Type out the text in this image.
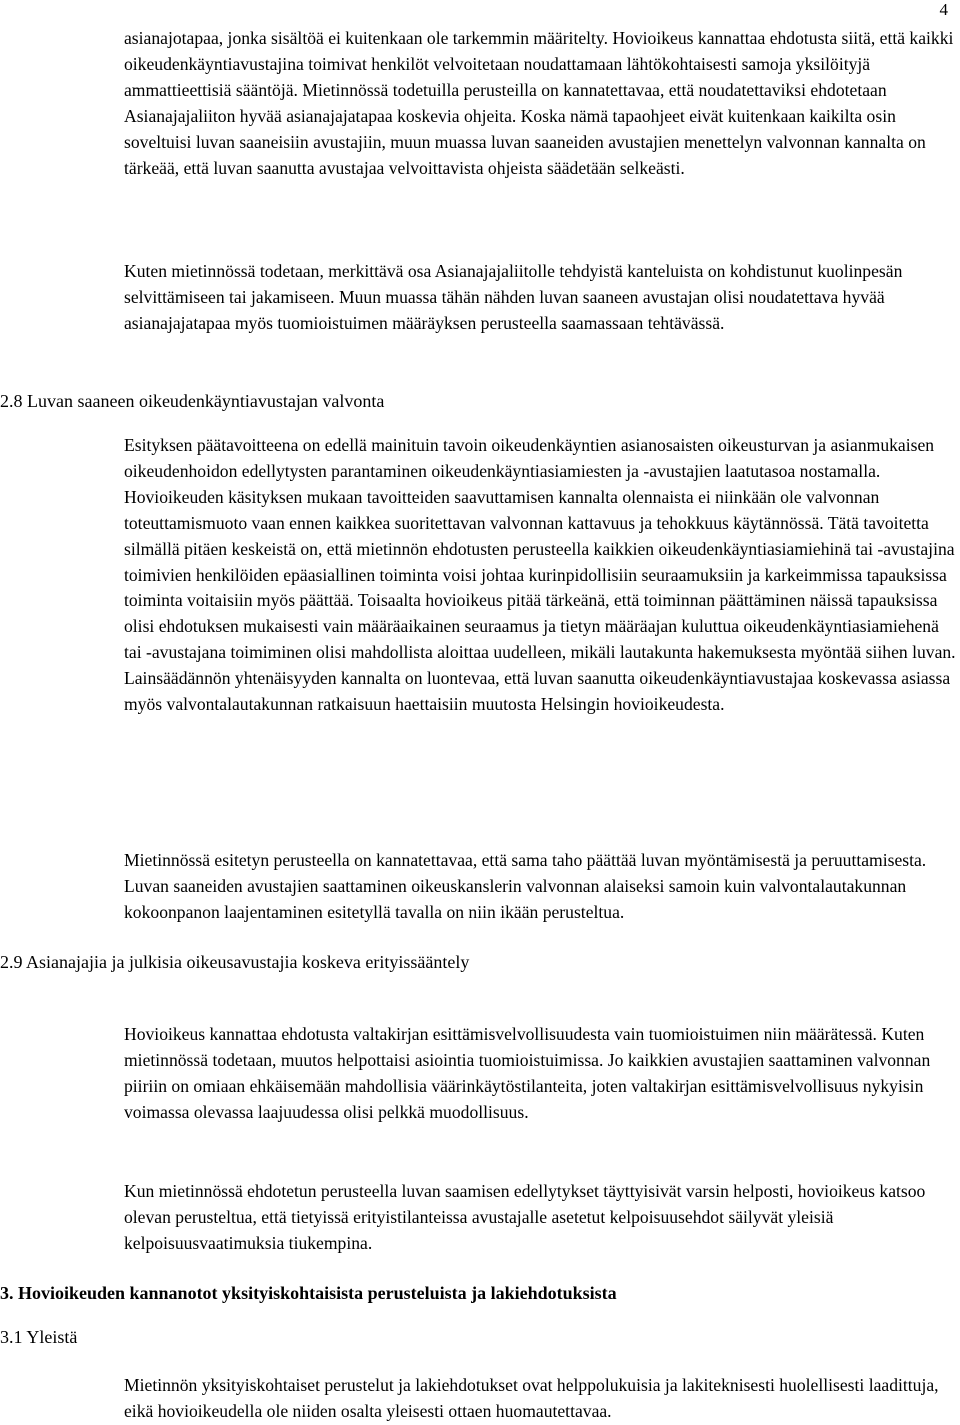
4

asianajotapaa, jonka sisältöä ei kuitenkaan ole tarkemmin määritelty. Hovioikeus kannattaa ehdotusta siitä, että kaikki oikeudenkäyntiavustajina toimivat henkilöt velvoitetaan noudattamaan lähtökohtaisesti samoja yksilöityjä ammattieettisiä sääntöjä. Mietinnössä todetuilla perusteilla on kannatettavaa, että noudatettaviksi ehdotetaan Asianajajaliiton hyvää asianajajatapaa koskevia ohjeita. Koska nämä tapaohjeet eivät kuitenkaan kaikilta osin soveltuisi luvan saaneisiin avustajiin, muun muassa luvan saaneiden avustajien menettelyn valvonnan kannalta on tärkeää, että luvan saanutta avustajaa velvoittavista ohjeista säädetään selkeästi.

Kuten mietinnössä todetaan, merkittävä osa Asianajajaliitolle tehdyistä kanteluista on kohdistunut kuolinpesän selvittämiseen tai jakamiseen. Muun muassa tähän nähden luvan saaneen avustajan olisi noudatettava hyvää asianajajatapaa myös tuomioistuimen määräyksen perusteella saamassaan tehtävässä.

2.8 Luvan saaneen oikeudenkäyntiavustajan valvonta

Esityksen päätavoitteena on edellä mainituin tavoin oikeudenkäyntien asianosaisten oikeusturvan ja asianmukaisen oikeudenhoidon edellytysten parantaminen oikeudenkäyntiasiamiesten ja -avustajien laatutasoa nostamalla. Hovioikeuden käsityksen mukaan tavoitteiden saavuttamisen kannalta olennaista ei niinkään ole valvonnan toteuttamismuoto vaan ennen kaikkea suoritettavan valvonnan kattavuus ja tehokkuus käytännössä. Tätä tavoitetta silmällä pitäen keskeistä on, että mietinnön ehdotusten perusteella kaikkien oikeudenkäyntiasiamiehinä tai -avustajina toimivien henkilöiden epäasiallinen toiminta voisi johtaa kurinpidollisiin seuraamuksiin ja karkeimmissa tapauksissa toiminta voitaisiin myös päättää. Toisaalta hovioikeus pitää tärkeänä, että toiminnan päättäminen näissä tapauksissa olisi ehdotuksen mukaisesti vain määräaikainen seuraamus ja tietyn määräajan kuluttua oikeudenkäyntiasiamiehenä tai -avustajana toimiminen olisi mahdollista aloittaa uudelleen, mikäli lautakunta hakemuksesta myöntää siihen luvan. Lainsäädännön yhtenäisyyden kannalta on luontevaa, että luvan saanutta oikeudenkäyntiavustajaa koskevassa asiassa myös valvontalautakunnan ratkaisuun haettaisiin muutosta Helsingin hovioikeudesta.

Mietinnössä esitetyn perusteella on kannatettavaa, että sama taho päättää luvan myöntämisestä ja peruuttamisesta. Luvan saaneiden avustajien saattaminen oikeuskanslerin valvonnan alaiseksi samoin kuin valvontalautakunnan kokoonpanon laajentaminen esitetyllä tavalla on niin ikään perusteltua.

2.9 Asianajajia ja julkisia oikeusavustajia koskeva erityissääntely

Hovioikeus kannattaa ehdotusta valtakirjan esittämisvelvollisuudesta vain tuomioistuimen niin määrätessä. Kuten mietinnössä todetaan, muutos helpottaisi asiointia tuomioistuimissa. Jo kaikkien avustajien saattaminen valvonnan piiriin on omiaan ehkäisemään mahdollisia väärinkäytöstilanteita, joten valtakirjan esittämisvelvollisuus nykyisin voimassa olevassa laajuudessa olisi pelkkä muodollisuus.

Kun mietinnössä ehdotetun perusteella luvan saamisen edellytykset täyttyisivät varsin helposti, hovioikeus katsoo olevan perusteltua, että tietyissä erityistilanteissa avustajalle asetetut kelpoisuusehdot säilyvät yleisiä kelpoisuusvaatimuksia tiukempina.

3. Hovioikeuden kannanotot yksityiskohtaisista perusteluista ja lakiehdotuksista
3.1 Yleistä

Mietinnön yksityiskohtaiset perustelut ja lakiehdotukset ovat helppolukuisia ja lakiteknisesti huolellisesti laadittuja, eikä hovioikeudella ole niiden osalta yleisesti ottaen huomautettavaa.
